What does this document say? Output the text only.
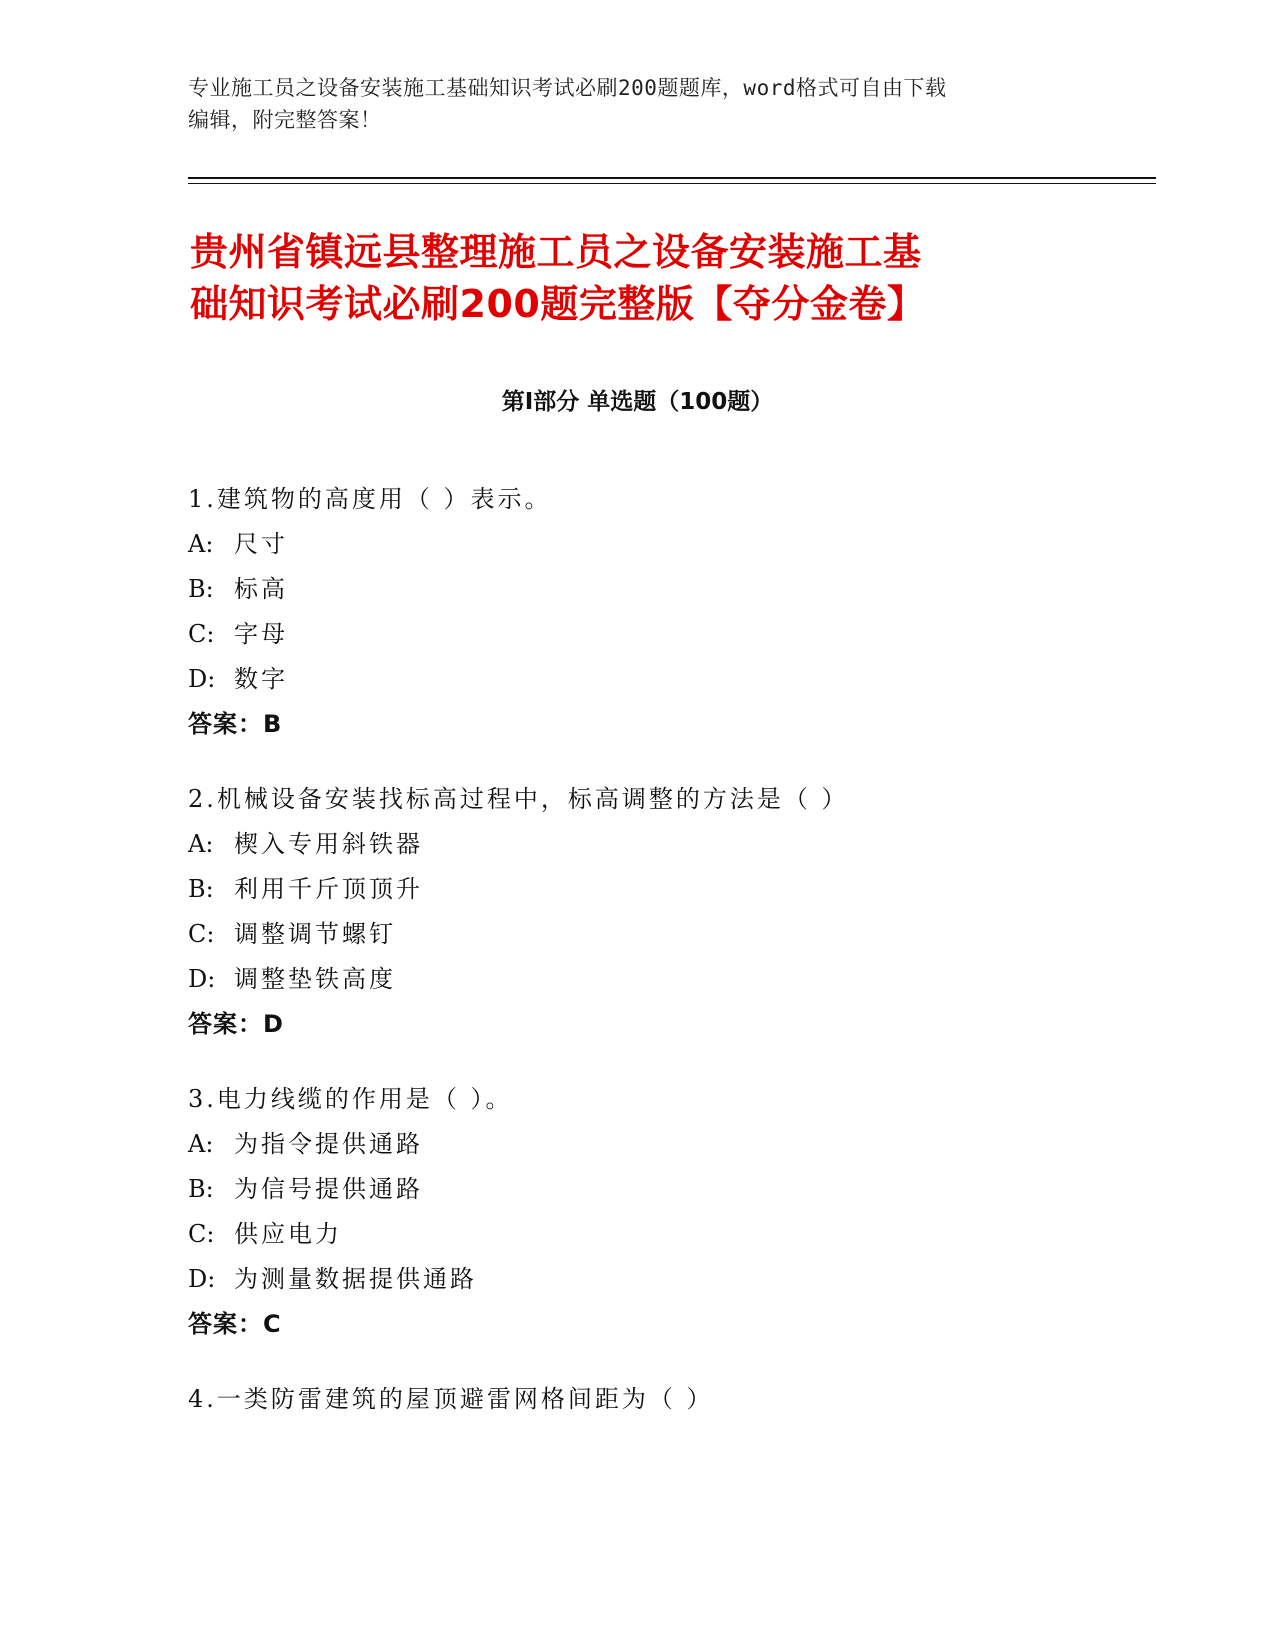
专业施工员之设备安装施工基础知识考试必刷200题题库，word格式可自由下载
编辑，附完整答案！
贵州省镇远县整理施工员之设备安装施工基
础知识考试必刷200题完整版【夺分金卷】
第Ⅰ部分 单选题（100题）
1.建筑物的高度用（ ）表示。
A: 尺寸
B: 标高
C: 字母
D: 数字
答案：B
2.机械设备安装找标高过程中，标高调整的方法是（ ）
A: 楔入专用斜铁器
B: 利用千斤顶顶升
C: 调整调节螺钉
D: 调整垫铁高度
答案：D
3.电力线缆的作用是（ ）。
A: 为指令提供通路
B: 为信号提供通路
C: 供应电力
D: 为测量数据提供通路
答案：C
4.一类防雷建筑的屋顶避雷网格间距为（ ）
